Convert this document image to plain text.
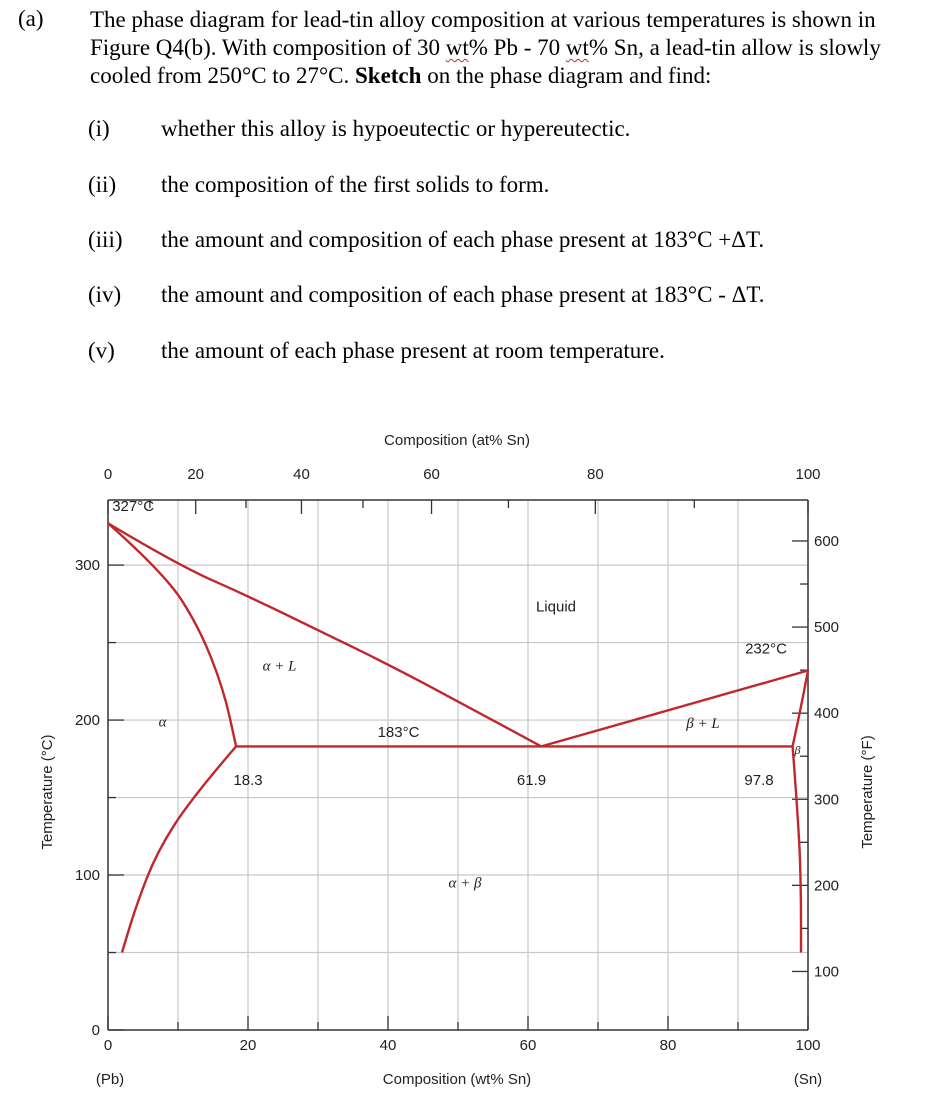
(a) The phase diagram for lead-tin alloy composition at various temperatures is shown in
Figure Q4(b). With composition of 30 wt% Pb - 70 wt% Sn, a lead-tin allow is slowly
cooled from 250°C to 27°C. Sketch on the phase diagram and find:
(i) whether this alloy is hypoeutectic or hypereutectic.
(ii) the composition of the first solids to form.
(iii) the amount and composition of each phase present at 183°C +ΔT.
(iv) the amount and composition of each phase present at 183°C - ΔT.
(v) the amount of each phase present at room temperature.
0	20	40	60	80	100
(Pb)	(Sn)
Composition (wt% Sn)
0	20	40	60	80	100
Composition (at% Sn)
0
100
200
300
Temperature (°C)
100
200
300
400
500
600
Temperature (°F)
Liquid
α + L
β + L
α
β
α + β
327°C
232°C
183°C
18.3	61.9	97.8
